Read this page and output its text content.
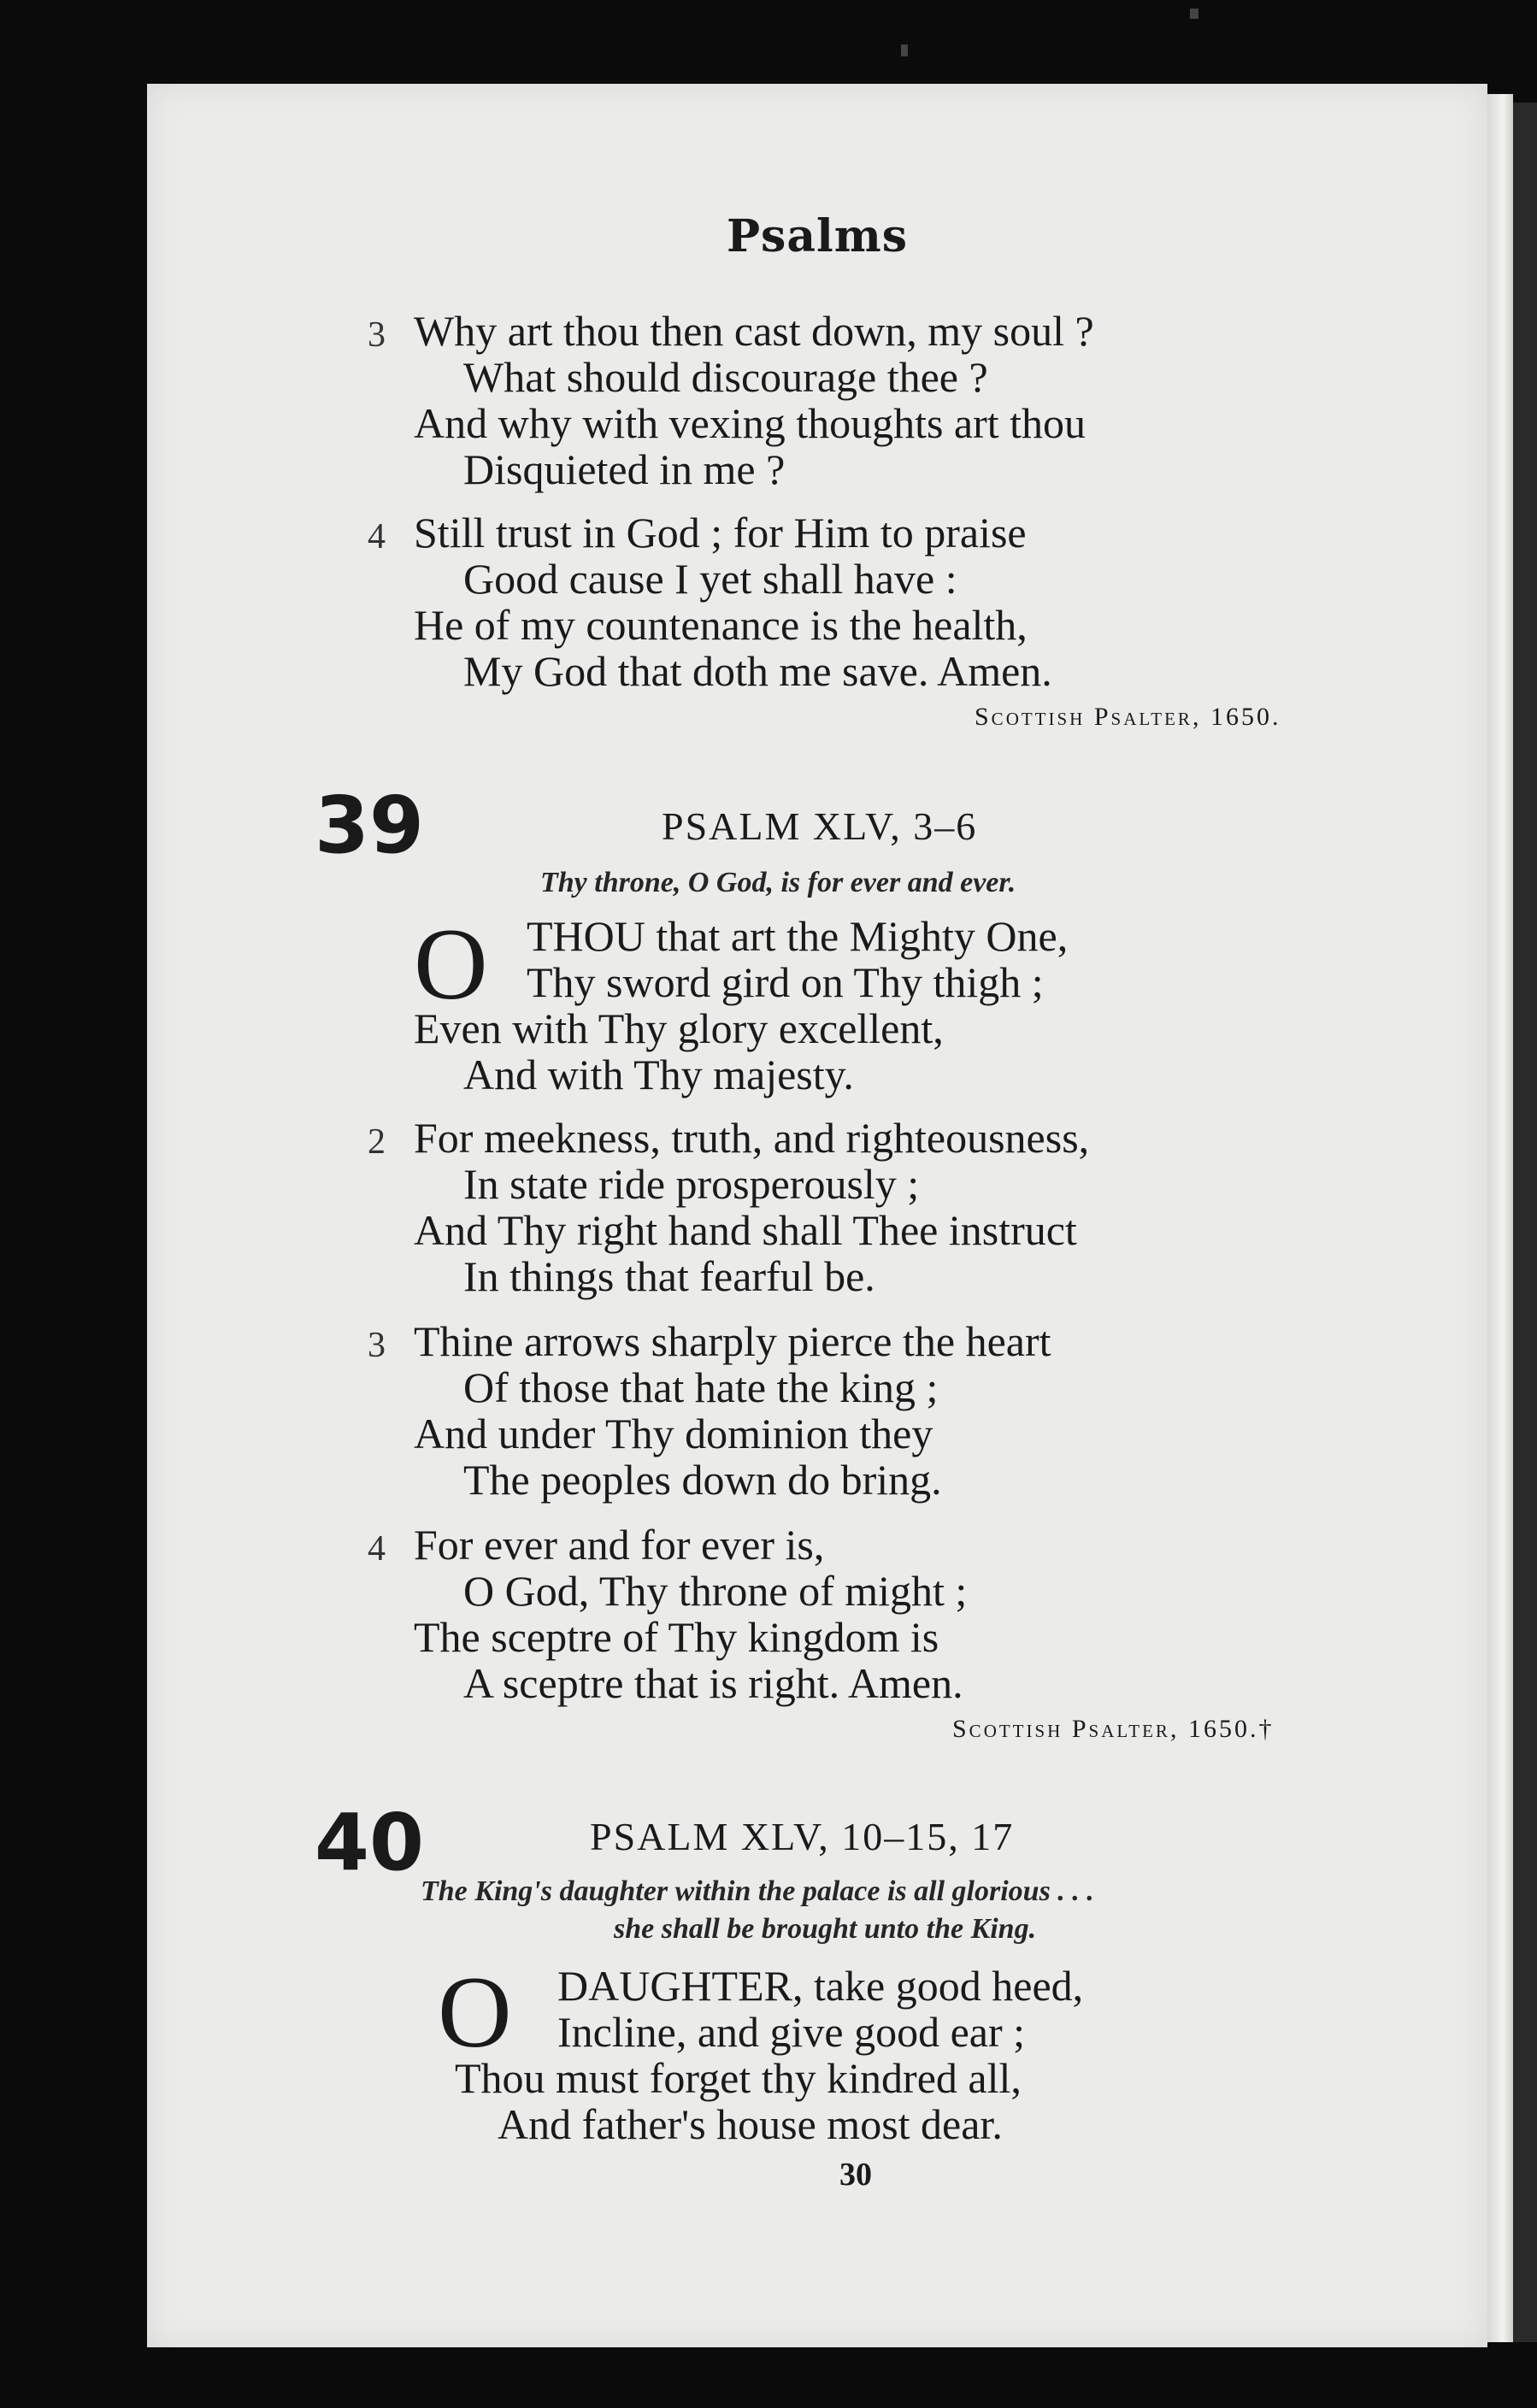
Psalms
3 Why art thou then cast down, my soul ?
What should discourage thee ?
And why with vexing thoughts art thou
Disquieted in me ?
4 Still trust in God ; for Him to praise
Good cause I yet shall have :
He of my countenance is the health,
My God that doth me save. Amen.
Scottish Psalter, 1650.
39	PSALM XLV, 3–6
Thy throne, O God, is for ever and ever.
O THOU that art the Mighty One,
Thy sword gird on Thy thigh ;
Even with Thy glory excellent,
And with Thy majesty.
2 For meekness, truth, and righteousness,
In state ride prosperously ;
And Thy right hand shall Thee instruct
In things that fearful be.
3 Thine arrows sharply pierce the heart
Of those that hate the king ;
And under Thy dominion they
The peoples down do bring.
4 For ever and for ever is,
O God, Thy throne of might ;
The sceptre of Thy kingdom is
A sceptre that is right. Amen.
Scottish Psalter, 1650.†
40	PSALM XLV, 10–15, 17
The King's daughter within the palace is all glorious . . .
she shall be brought unto the King.
O DAUGHTER, take good heed,
Incline, and give good ear ;
Thou must forget thy kindred all,
And father's house most dear.
30
